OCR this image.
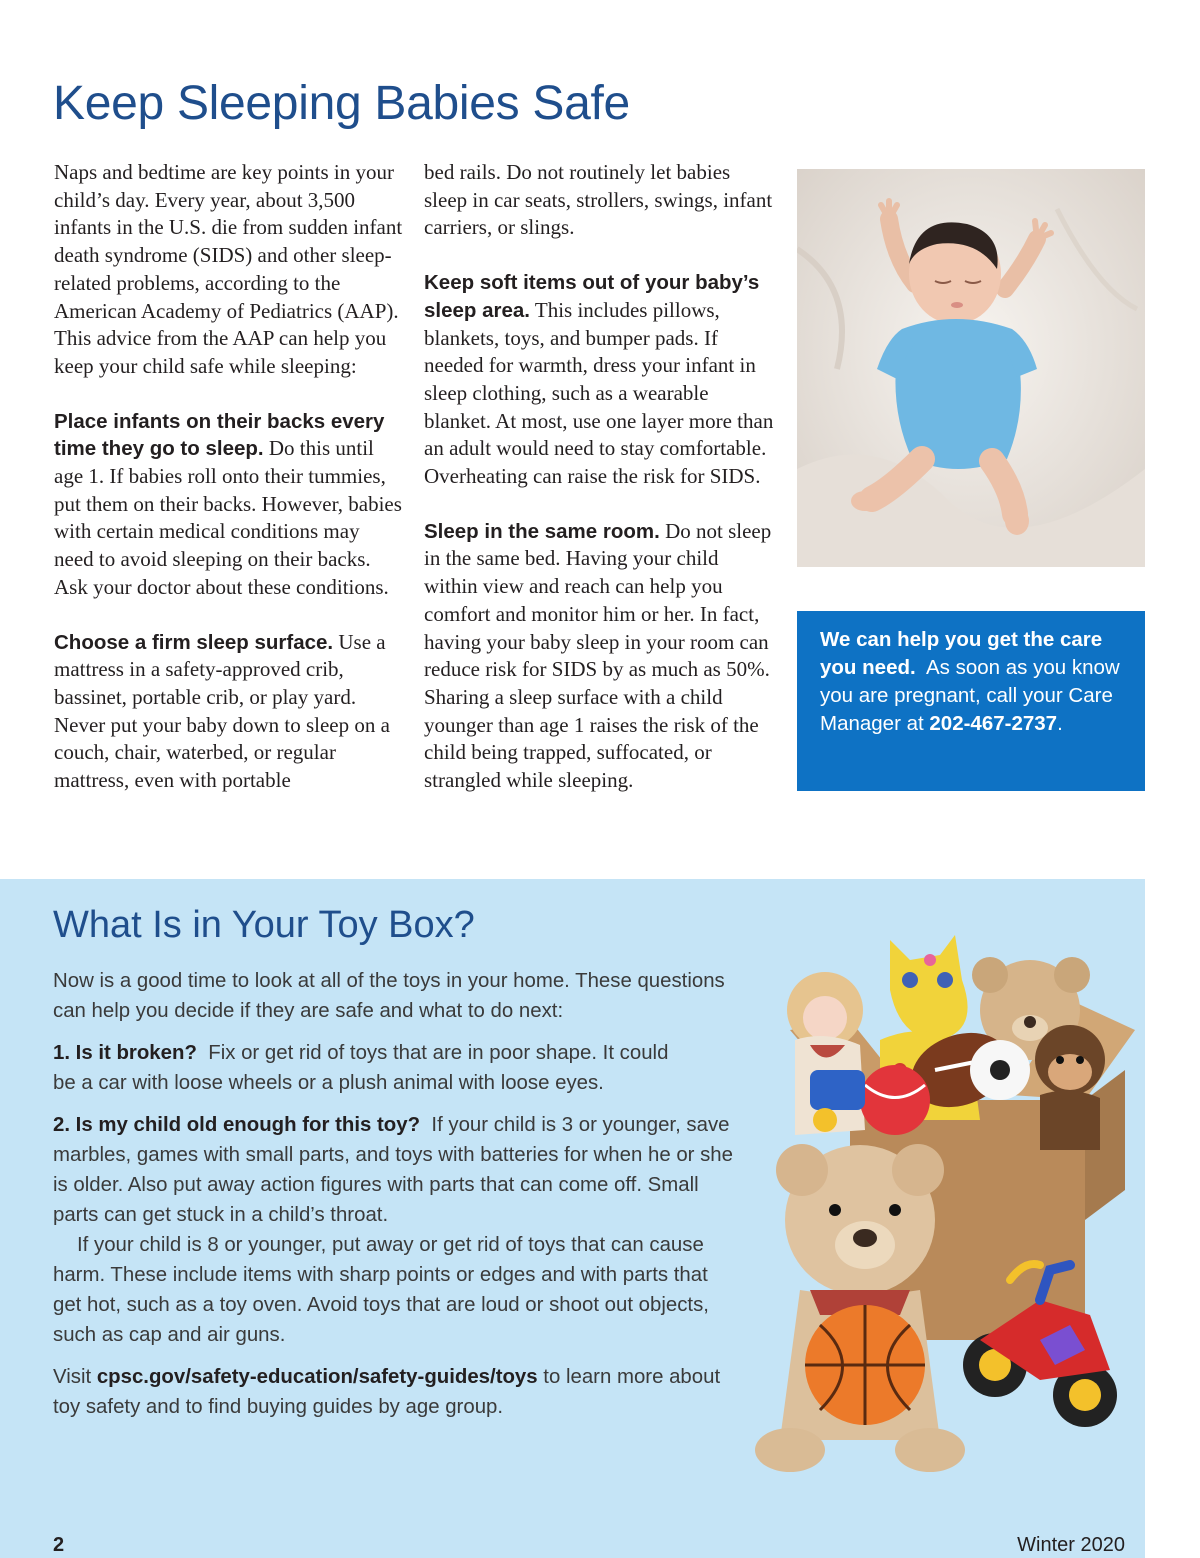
Keep Sleeping Babies Safe

Naps and bedtime are key points in your child’s day. Every year, about 3,500 infants in the U.S. die from sudden infant death syndrome (SIDS) and other sleep-related problems, according to the American Academy of Pediatrics (AAP). This advice from the AAP can help you keep your child safe while sleeping:

Place infants on their backs every time they go to sleep. Do this until age 1. If babies roll onto their tummies, put them on their backs. However, babies with certain medical conditions may need to avoid sleeping on their backs. Ask your doctor about these conditions.

Choose a firm sleep surface. Use a mattress in a safety-approved crib, bassinet, portable crib, or play yard. Never put your baby down to sleep on a couch, chair, waterbed, or regular mattress, even with portable

bed rails. Do not routinely let babies sleep in car seats, strollers, swings, infant carriers, or slings.

Keep soft items out of your baby’s sleep area. This includes pillows, blankets, toys, and bumper pads. If needed for warmth, dress your infant in sleep clothing, such as a wearable blanket. At most, use one layer more than an adult would need to stay comfortable. Overheating can raise the risk for SIDS.

Sleep in the same room. Do not sleep in the same bed. Having your child within view and reach can help you comfort and monitor him or her. In fact, having your baby sleep in your room can reduce risk for SIDS by as much as 50%. Sharing a sleep surface with a child younger than age 1 raises the risk of the child being trapped, suffocated, or strangled while sleeping.

We can help you get the care you need. As soon as you know you are pregnant, call your Care Manager at 202-467-2737.
What Is in Your Toy Box?

Now is a good time to look at all of the toys in your home. These questions can help you decide if they are safe and what to do next:

1. Is it broken? Fix or get rid of toys that are in poor shape. It could be a car with loose wheels or a plush animal with loose eyes.

2. Is my child old enough for this toy? If your child is 3 or younger, save marbles, games with small parts, and toys with batteries for when he or she is older. Also put away action figures with parts that can come off. Small parts can get stuck in a child’s throat.

If your child is 8 or younger, put away or get rid of toys that can cause harm. These include items with sharp points or edges and with parts that get hot, such as a toy oven. Avoid toys that are loud or shoot out objects, such as cap and air guns.

Visit cpsc.gov/safety-education/safety-guides/toys to learn more about toy safety and to find buying guides by age group.

2	Winter 2020
